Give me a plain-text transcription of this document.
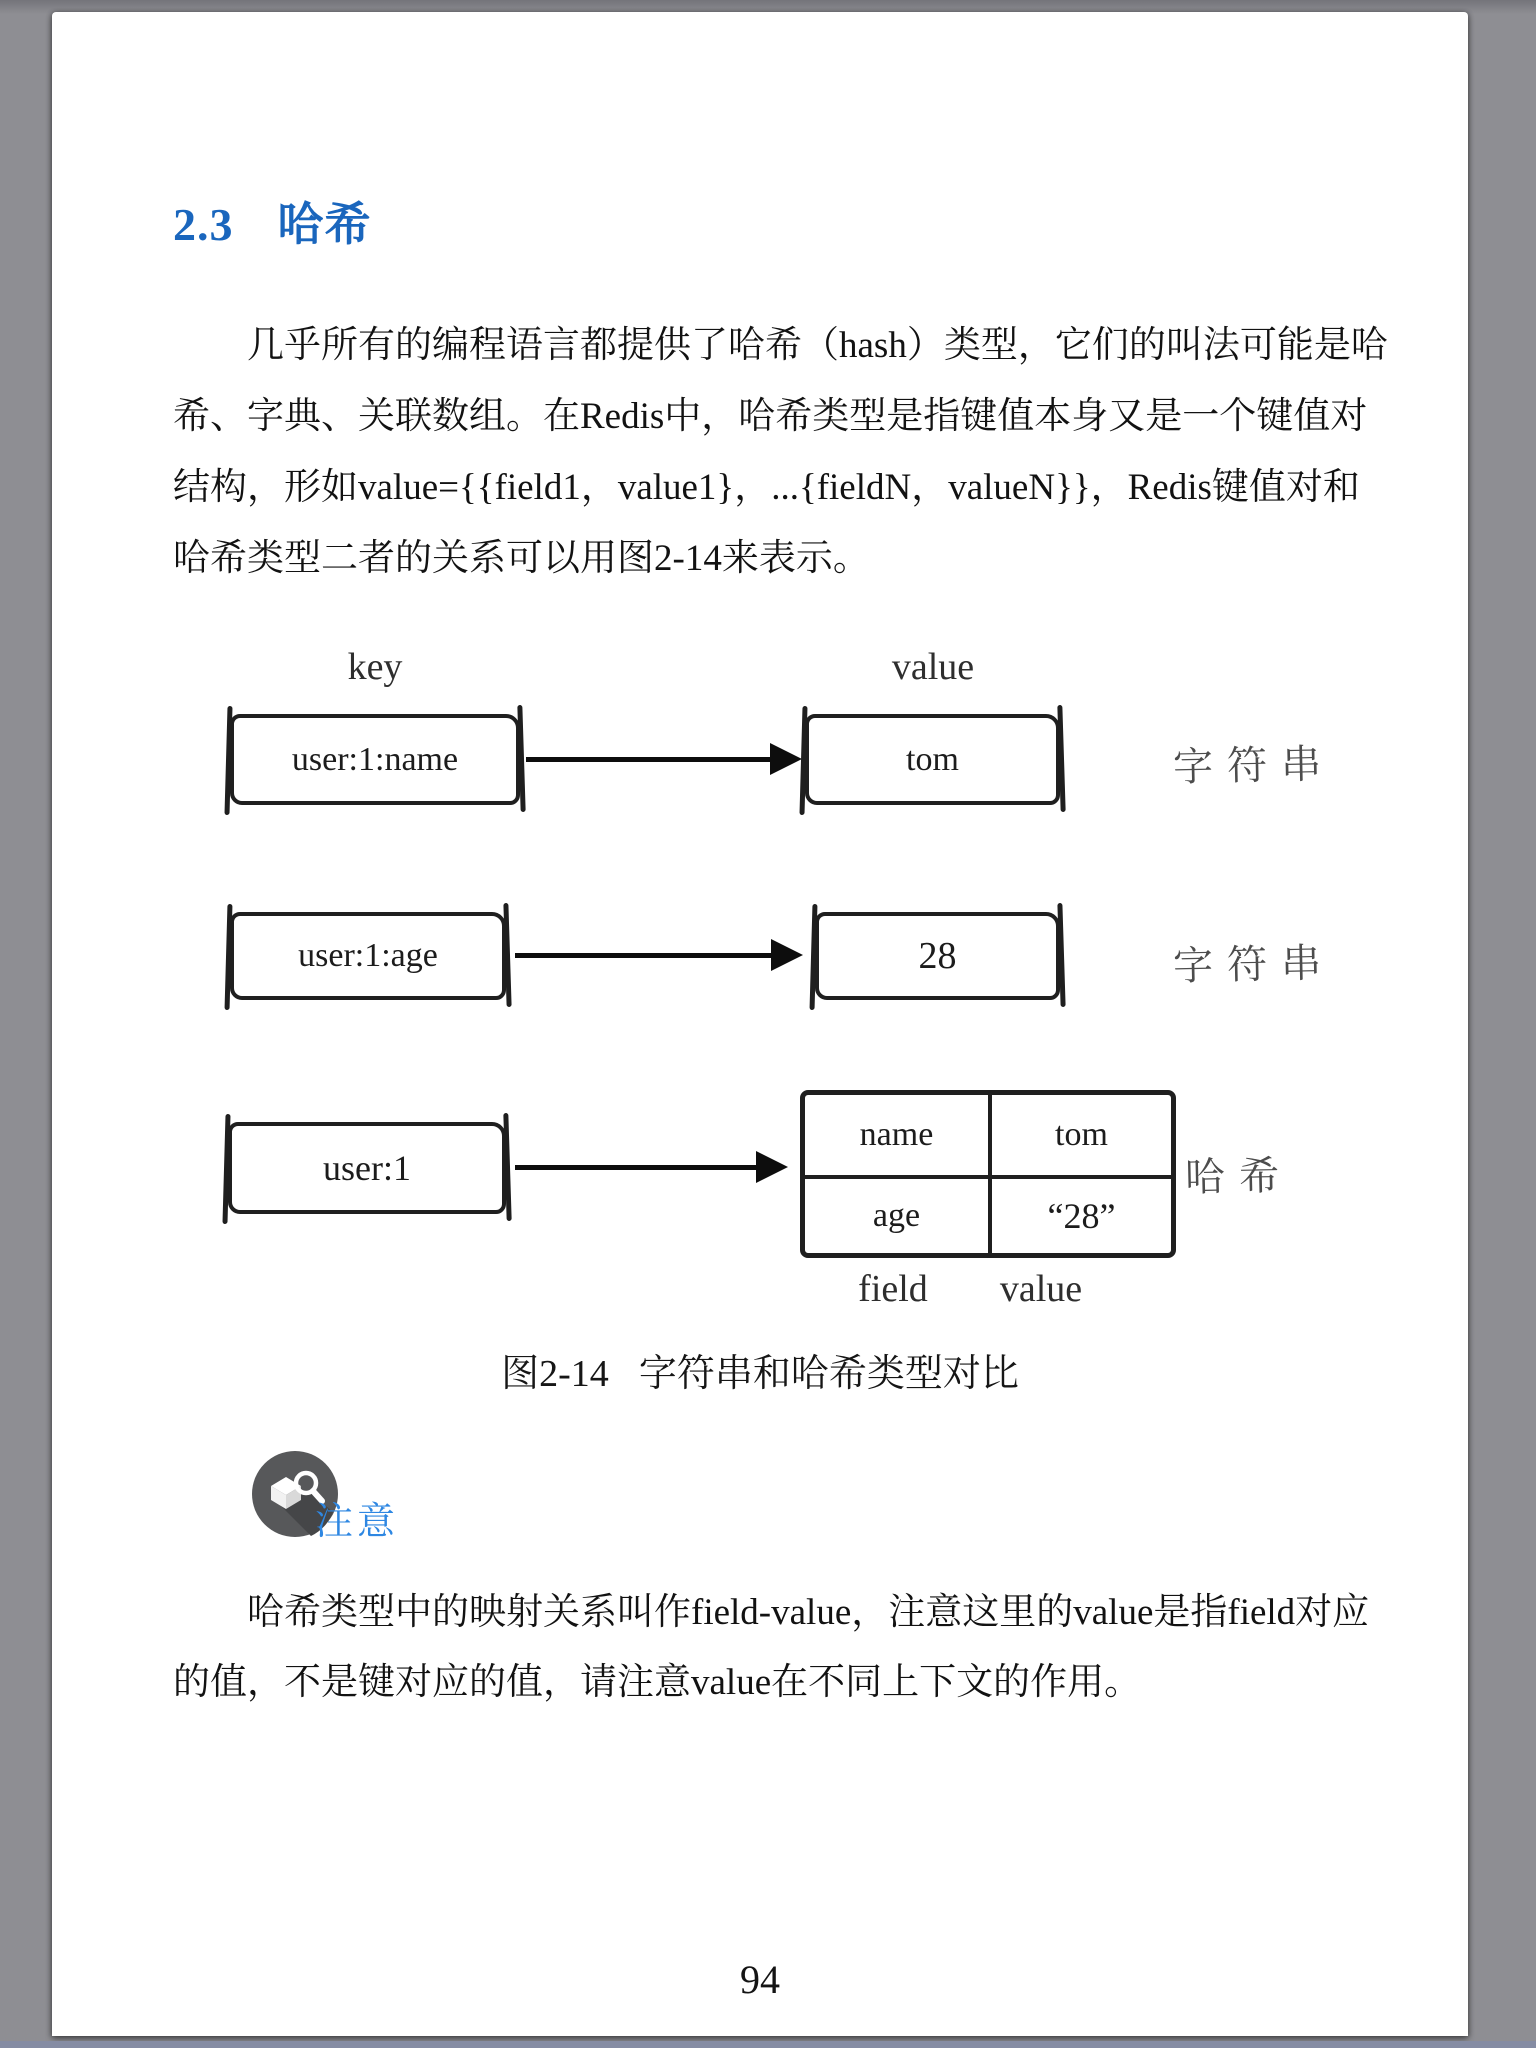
2.3 哈希
几乎所有的编程语言都提供了哈希（hash）类型，它们的叫法可能是哈
希、字典、关联数组。在Redis中，哈希类型是指键值本身又是一个键值对
结构，形如value={{field1，value1}，...{fieldN，valueN}}，Redis键值对和
哈希类型二者的关系可以用图2-14来表示。
key	value
user:1:name	tom	字符串
user:1:age	28	字符串
user:1
name	tom
age	“28”
field	value
哈希
图2-14 字符串和哈希类型对比
注意
哈希类型中的映射关系叫作field-value，注意这里的value是指field对应
的值，不是键对应的值，请注意value在不同上下文的作用。
94
